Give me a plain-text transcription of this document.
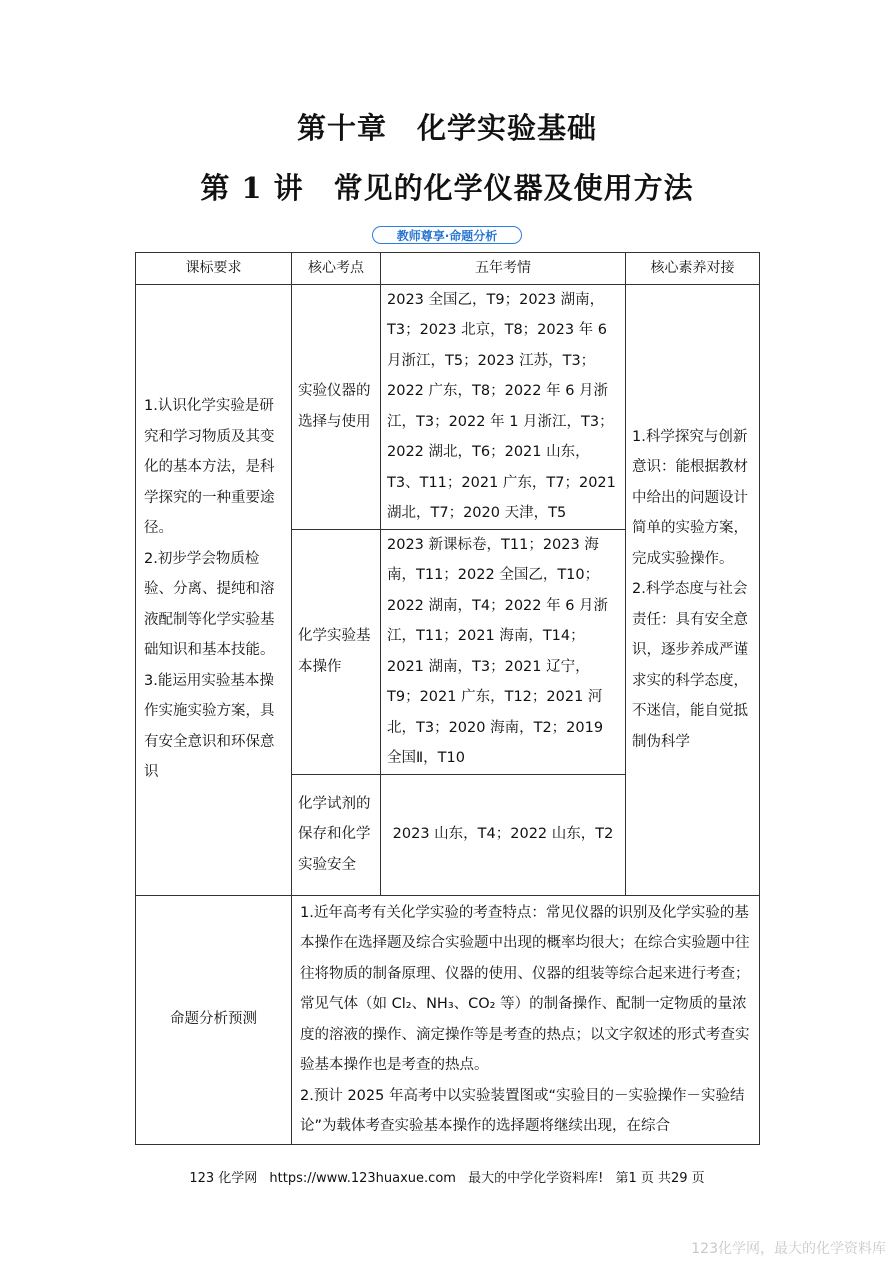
第十章　化学实验基础
第 1 讲　常见的化学仪器及使用方法
教师尊享·命题分析
课标要求	核心考点	五年考情	核心素养对接
1.认识化学实验是研究和学习物质及其变化的基本方法，是科学探究的一种重要途径。
2.初步学会物质检验、分离、提纯和溶液配制等化学实验基础知识和基本技能。
3.能运用实验基本操作实施实验方案，具有安全意识和环保意识	实验仪器的选择与使用	2023 全国乙，T9；2023 湖南，T3；2023 北京，T8；2023 年 6 月浙江，T5；2023 江苏，T3；2022 广东，T8；2022 年 6 月浙江，T3；2022 年 1 月浙江，T3；2022 湖北，T6；2021 山东，T3、T11；2021 广东，T7；2021 湖北，T7；2020 天津，T5	1.科学探究与创新意识：能根据教材中给出的问题设计简单的实验方案，完成实验操作。
2.科学态度与社会责任：具有安全意识，逐步养成严谨求实的科学态度，不迷信，能自觉抵制伪科学
	化学实验基本操作	2023 新课标卷，T11；2023 海南，T11；2022 全国乙，T10；2022 湖南，T4；2022 年 6 月浙江，T11；2021 海南，T14；2021 湖南，T3；2021 辽宁，T9；2021 广东，T12；2021 河北，T3；2020 海南，T2；2019 全国Ⅱ，T10	
	化学试剂的保存和化学实验安全	2023 山东，T4；2022 山东，T2	
命题分析预测	1.近年高考有关化学实验的考查特点：常见仪器的识别及化学实验的基本操作在选择题及综合实验题中出现的概率均很大；在综合实验题中往往将物质的制备原理、仪器的使用、仪器的组装等综合起来进行考查；常见气体（如 Cl₂、NH₃、CO₂ 等）的制备操作、配制一定物质的量浓度的溶液的操作、滴定操作等是考查的热点；以文字叙述的形式考查实验基本操作也是考查的热点。
2.预计 2025 年高考中以实验装置图或“实验目的－实验操作－实验结论”为载体考查实验基本操作的选择题将继续出现，在综合		
123 化学网 https://www.123huaxue.com 最大的中学化学资料库! 第1 页 共29 页
123化学网，最大的化学资料库
